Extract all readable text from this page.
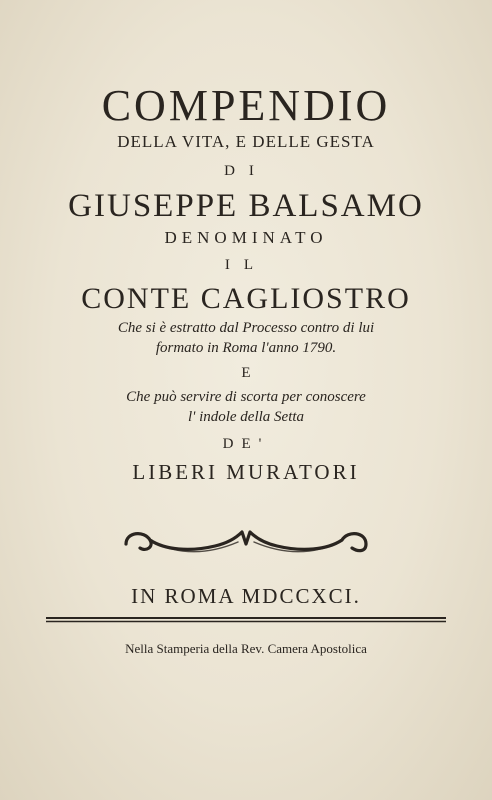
COMPENDIO
DELLA VITA, E DELLE GESTA
DI
GIUSEPPE BALSAMO
DENOMINATO
IL
CONTE CAGLIOSTRO
Che si è estratto dal Processo contro di lui
formato in Roma l'anno 1790.
E
Che può servire di scorta per conoscere
l' indole della Setta
DE'
LIBERI MURATORI
IN ROMA MDCCXCI.
Nella Stamperia della Rev. Camera Apostolica
